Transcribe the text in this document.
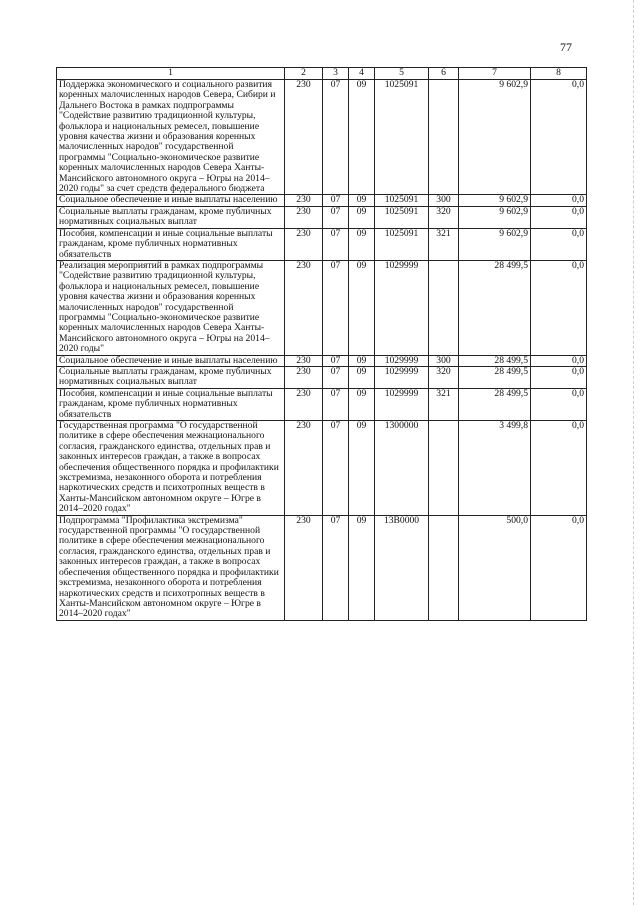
77
1	2	3	4	5	6	7	8
Поддержка экономического и социального развития коренных малочисленных народов Севера, Сибири и Дальнего Востока в рамках подпрограммы "Содействие развитию традиционной культуры, фольклора и национальных ремесел, повышение уровня качества жизни и образования коренных малочисленных народов" государственной программы "Социально-экономическое развитие коренных малочисленных народов Севера Ханты-Мансийского автономного округа – Югры на 2014–2020 годы" за счет средств федерального бюджета	230	07	09	1025091		9 602,9	0,0
Социальное обеспечение и иные выплаты населению	230	07	09	1025091	300	9 602,9	0,0
Социальные выплаты гражданам, кроме публичных нормативных социальных выплат	230	07	09	1025091	320	9 602,9	0,0
Пособия, компенсации и иные социальные выплаты гражданам, кроме публичных нормативных обязательств	230	07	09	1025091	321	9 602,9	0,0
Реализация мероприятий в рамках подпрограммы "Содействие развитию традиционной культуры, фольклора и национальных ремесел, повышение уровня качества жизни и образования коренных малочисленных народов" государственной программы "Социально-экономическое развитие коренных малочисленных народов Севера Ханты-Мансийского автономного округа – Югры на 2014–2020 годы"	230	07	09	1029999		28 499,5	0,0
Социальное обеспечение и иные выплаты населению	230	07	09	1029999	300	28 499,5	0,0
Социальные выплаты гражданам, кроме публичных нормативных социальных выплат	230	07	09	1029999	320	28 499,5	0,0
Пособия, компенсации и иные социальные выплаты гражданам, кроме публичных нормативных обязательств	230	07	09	1029999	321	28 499,5	0,0
Государственная программа "О государственной политике в сфере обеспечения межнационального согласия, гражданского единства, отдельных прав и законных интересов граждан, а также в вопросах обеспечения общественного порядка и профилактики экстремизма, незаконного оборота и потребления наркотических средств и психотропных веществ в Ханты-Мансийском автономном округе – Югре в 2014–2020 годах"	230	07	09	1300000		3 499,8	0,0
Подпрограмма "Профилактика экстремизма" государственной программы "О государственной политике в сфере обеспечения межнационального согласия, гражданского единства, отдельных прав и законных интересов граждан, а также в вопросах обеспечения общественного порядка и профилактики экстремизма, незаконного оборота и потребления наркотических средств и психотропных веществ в Ханты-Мансийском автономном округе – Югре в 2014–2020 годах"	230	07	09	13В0000		500,0	0,0
